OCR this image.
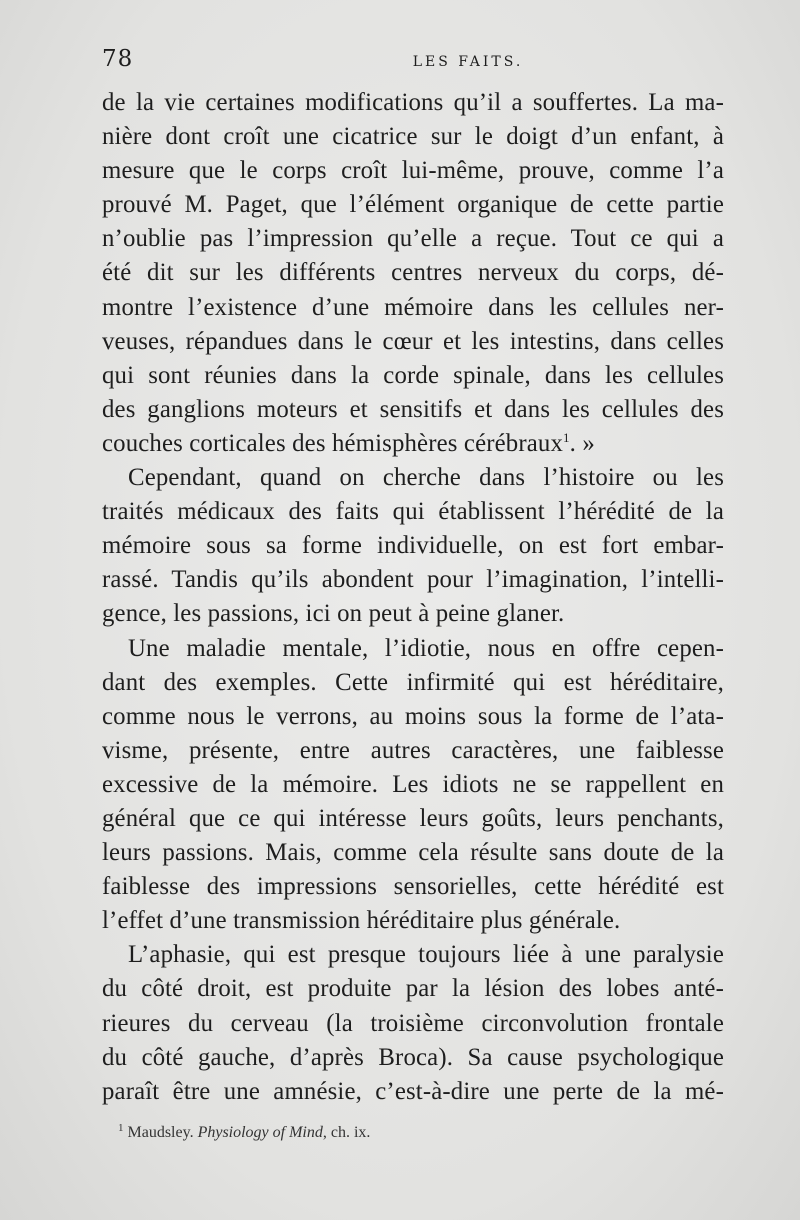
78	LES FAITS.
de la vie certaines modifications qu’il a souffertes. La ma-
nière dont croît une cicatrice sur le doigt d’un enfant, à
mesure que le corps croît lui-même, prouve, comme l’a
prouvé M. Paget, que l’élément organique de cette partie
n’oublie pas l’impression qu’elle a reçue. Tout ce qui a
été dit sur les différents centres nerveux du corps, dé-
montre l’existence d’une mémoire dans les cellules ner-
veuses, répandues dans le cœur et les intestins, dans celles
qui sont réunies dans la corde spinale, dans les cellules
des ganglions moteurs et sensitifs et dans les cellules des
couches corticales des hémisphères cérébraux$^1$. »
Cependant, quand on cherche dans l’histoire ou les
traités médicaux des faits qui établissent l’hérédité de la
mémoire sous sa forme individuelle, on est fort embar-
rassé. Tandis qu’ils abondent pour l’imagination, l’intelli-
gence, les passions, ici on peut à peine glaner.
Une maladie mentale, l’idiotie, nous en offre cepen-
dant des exemples. Cette infirmité qui est héréditaire,
comme nous le verrons, au moins sous la forme de l’ata-
visme, présente, entre autres caractères, une faiblesse
excessive de la mémoire. Les idiots ne se rappellent en
général que ce qui intéresse leurs goûts, leurs penchants,
leurs passions. Mais, comme cela résulte sans doute de la
faiblesse des impressions sensorielles, cette hérédité est
l’effet d’une transmission héréditaire plus générale.
L’aphasie, qui est presque toujours liée à une paralysie
du côté droit, est produite par la lésion des lobes anté-
rieures du cerveau (la troisième circonvolution frontale
du côté gauche, d’après Broca). Sa cause psychologique
paraît être une amnésie, c’est-à-dire une perte de la mé-
$^1$ Maudsley. Physiology of Mind, ch. ix.
